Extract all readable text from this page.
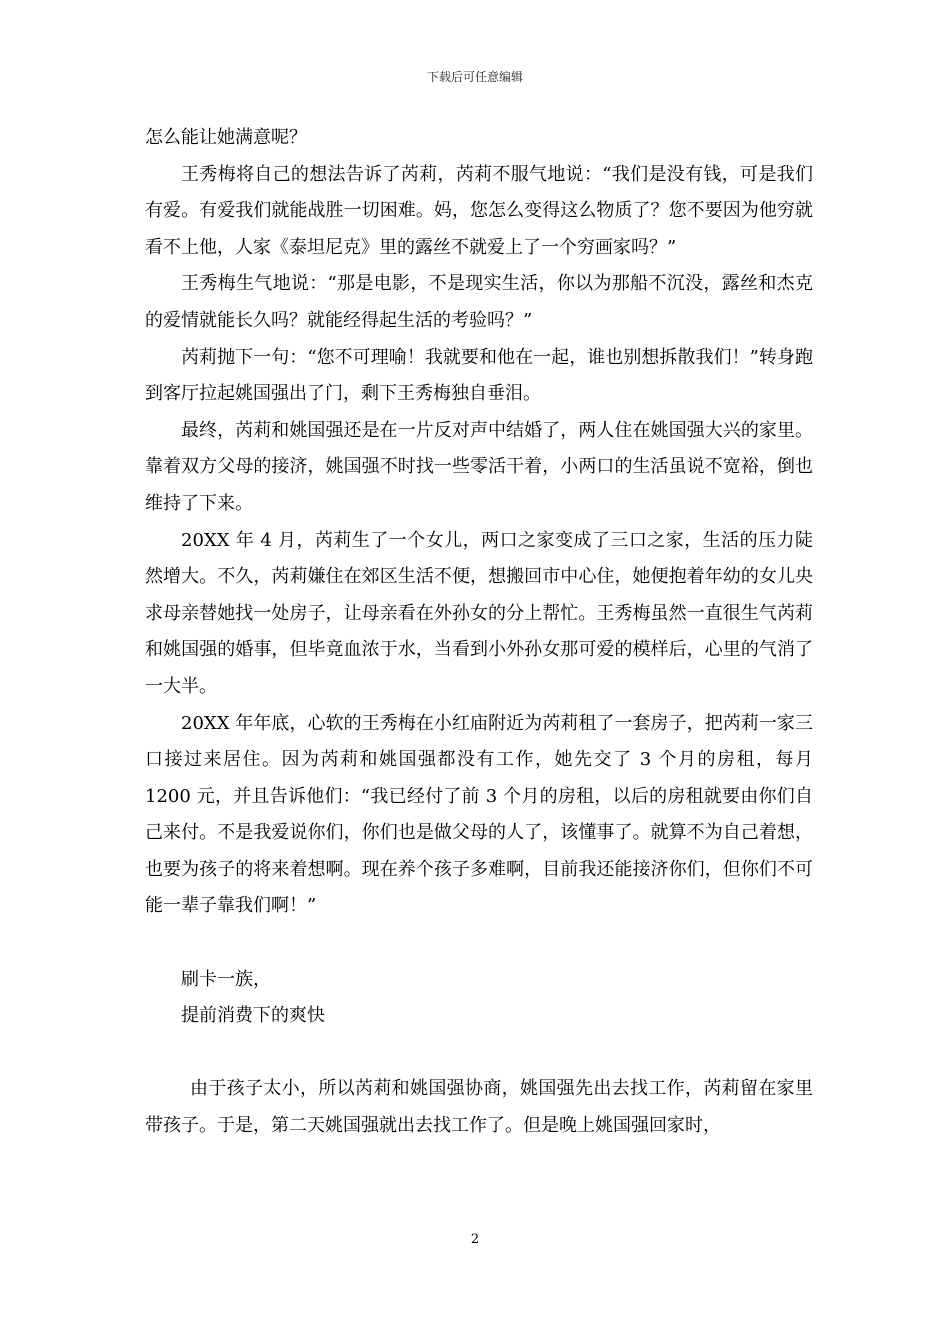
下载后可任意编辑

怎么能让她满意呢？

王秀梅将自己的想法告诉了芮莉，芮莉不服气地说：“我们是没有钱，可是我们有爱。有爱我们就能战胜一切困难。妈，您怎么变得这么物质了？您不要因为他穷就看不上他，人家《泰坦尼克》里的露丝不就爱上了一个穷画家吗？”

王秀梅生气地说：“那是电影，不是现实生活，你以为那船不沉没，露丝和杰克的爱情就能长久吗？就能经得起生活的考验吗？”

芮莉抛下一句：“您不可理喻！我就要和他在一起，谁也别想拆散我们！”转身跑到客厅拉起姚国强出了门，剩下王秀梅独自垂泪。

最终，芮莉和姚国强还是在一片反对声中结婚了，两人住在姚国强大兴的家里。靠着双方父母的接济，姚国强不时找一些零活干着，小两口的生活虽说不宽裕，倒也维持了下来。

20XX 年 4 月，芮莉生了一个女儿，两口之家变成了三口之家，生活的压力陡然增大。不久，芮莉嫌住在郊区生活不便，想搬回市中心住，她便抱着年幼的女儿央求母亲替她找一处房子，让母亲看在外孙女的分上帮忙。王秀梅虽然一直很生气芮莉和姚国强的婚事，但毕竟血浓于水，当看到小外孙女那可爱的模样后，心里的气消了一大半。

20XX 年年底，心软的王秀梅在小红庙附近为芮莉租了一套房子，把芮莉一家三口接过来居住。因为芮莉和姚国强都没有工作，她先交了 3 个月的房租，每月 1200 元，并且告诉他们：“我已经付了前 3 个月的房租，以后的房租就要由你们自己来付。不是我爱说你们，你们也是做父母的人了，该懂事了。就算不为自己着想，也要为孩子的将来着想啊。现在养个孩子多难啊，目前我还能接济你们，但你们不可能一辈子靠我们啊！”

刷卡一族，

提前消费下的爽快

由于孩子太小，所以芮莉和姚国强协商，姚国强先出去找工作，芮莉留在家里带孩子。于是，第二天姚国强就出去找工作了。但是晚上姚国强回家时，

2
